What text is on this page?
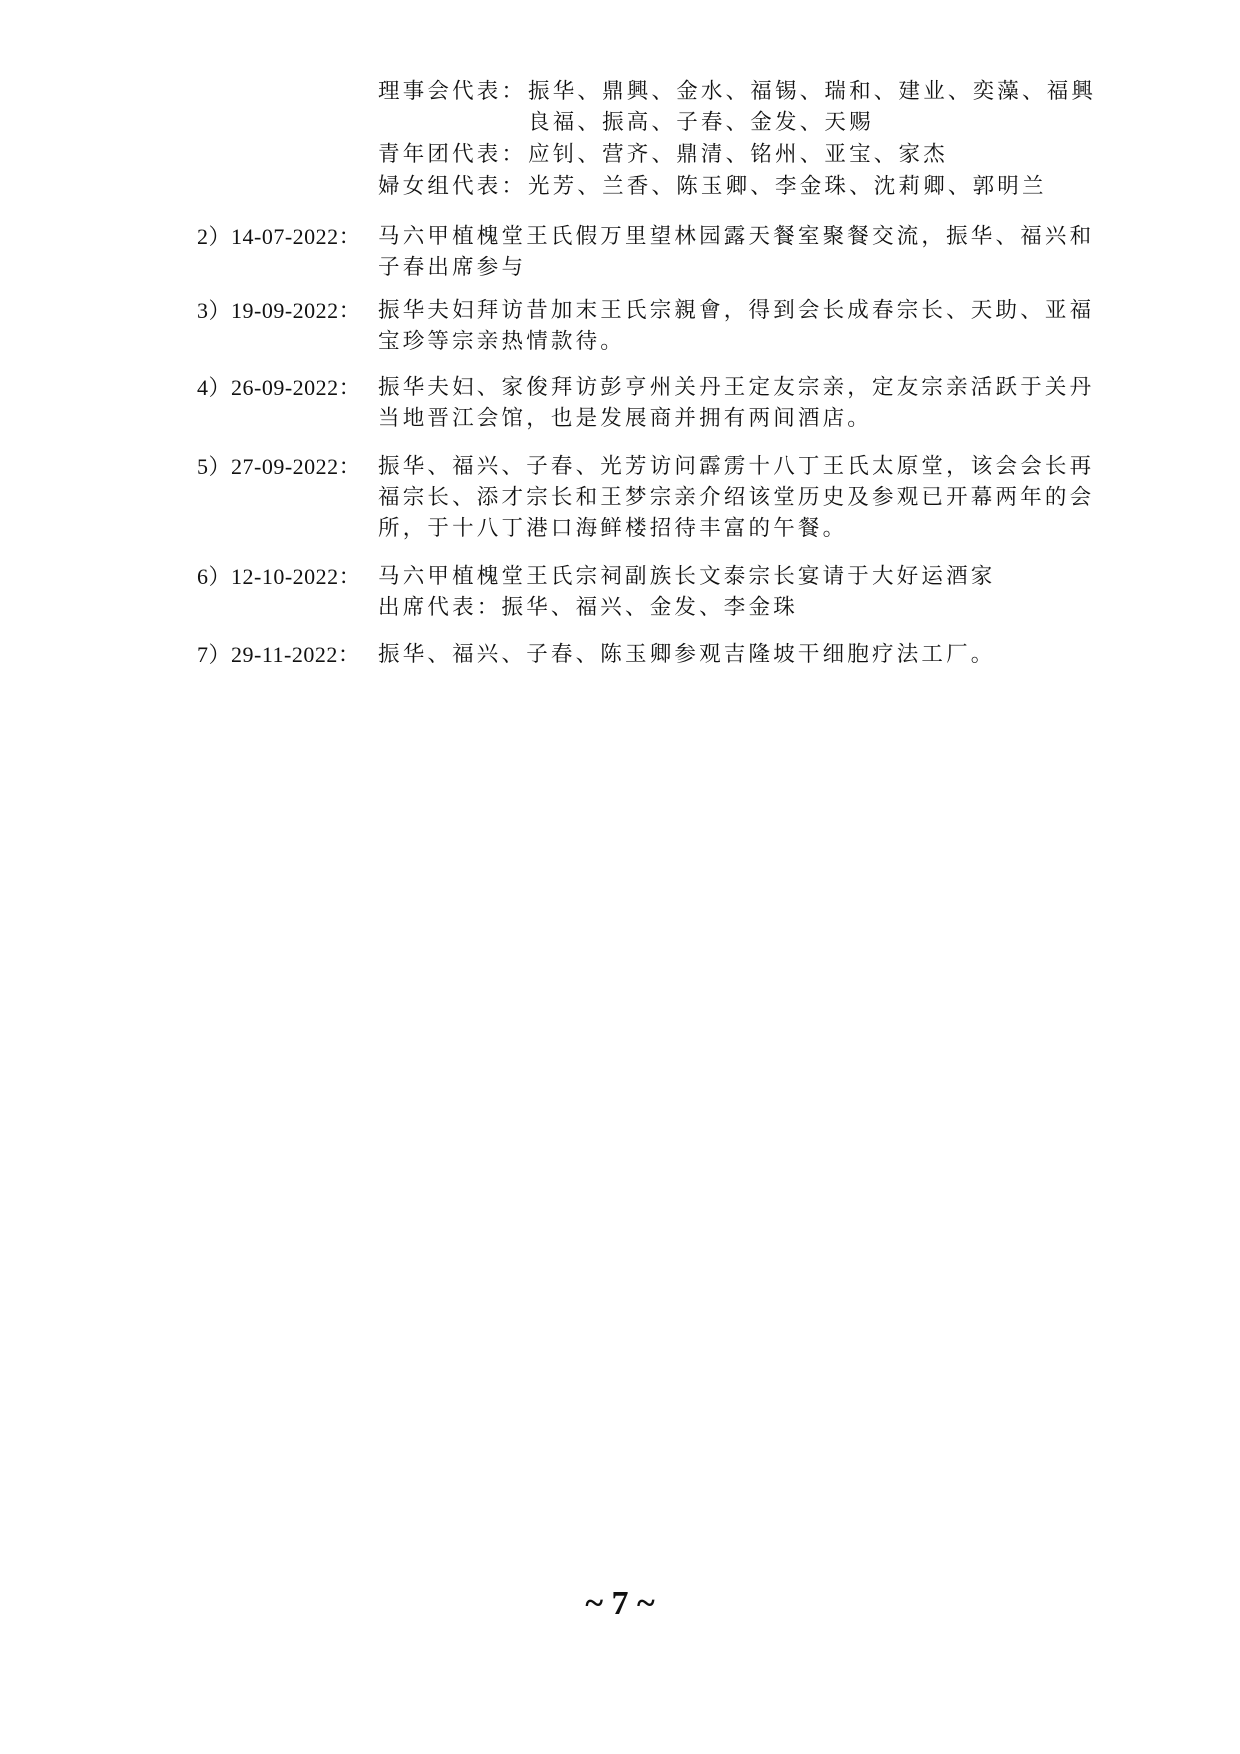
理事会代表： 振华、鼎興、金水、福锡、瑞和、建业、奕藻、福興
良福、振高、子春、金发、天赐
青年团代表： 应钊、营齐、鼎清、铭州、亚宝、家杰
婦女组代表： 光芳、兰香、陈玉卿、李金珠、沈莉卿、郭明兰
2）14-07-2022： 马六甲植槐堂王氏假万里望林园露天餐室聚餐交流，振华、福兴和
子春出席参与
3）19-09-2022： 振华夫妇拜访昔加末王氏宗親會，得到会长成春宗长、天助、亚福
宝珍等宗亲热情款待。
4）26-09-2022： 振华夫妇、家俊拜访彭亨州关丹王定友宗亲，定友宗亲活跃于关丹
当地晋江会馆，也是发展商并拥有两间酒店。
5）27-09-2022： 振华、福兴、子春、光芳访问霹雳十八丁王氏太原堂，该会会长再
福宗长、添才宗长和王梦宗亲介绍该堂历史及参观已开幕两年的会
所，于十八丁港口海鲜楼招待丰富的午餐。
6）12-10-2022： 马六甲植槐堂王氏宗祠副族长文泰宗长宴请于大好运酒家
出席代表：振华、福兴、金发、李金珠
7）29-11-2022： 振华、福兴、子春、陈玉卿参观吉隆坡干细胞疗法工厂。
~ 7 ~
